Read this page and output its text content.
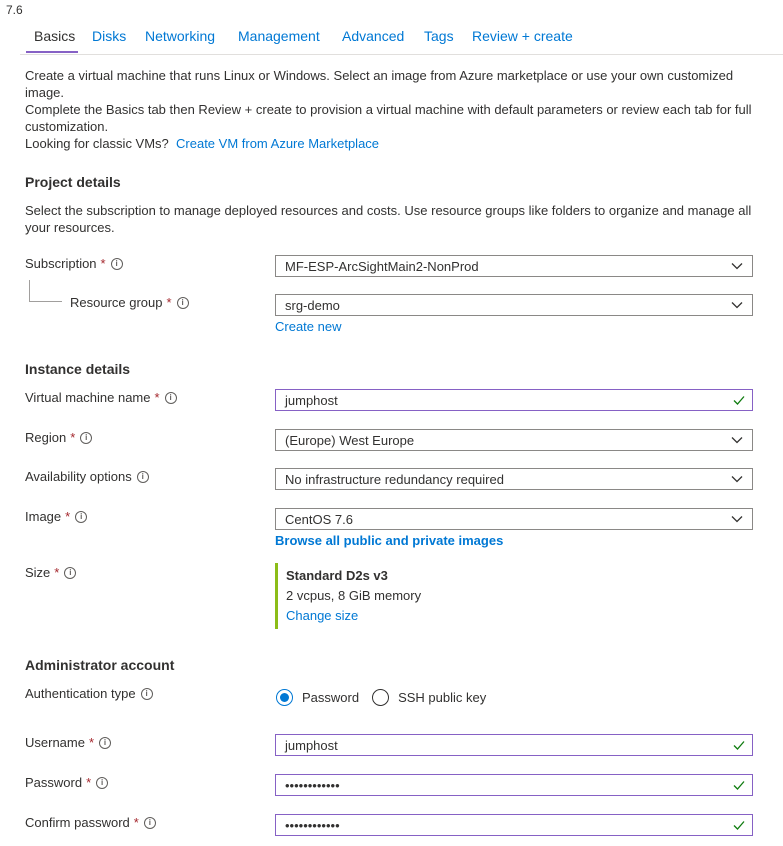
7.6
Basics Disks Networking Management Advanced Tags Review + create
Create a virtual machine that runs Linux or Windows. Select an image from Azure marketplace or use your own customized image.
Complete the Basics tab then Review + create to provision a virtual machine with default parameters or review each tab for full customization.
Looking for classic VMs? Create VM from Azure Marketplace
Project details
Select the subscription to manage deployed resources and costs. Use resource groups like folders to organize and manage all your resources.
Subscription *	i	MF-ESP-ArcSightMain2-NonProd
Resource group *	i	srg-demo
Create new
Instance details
Virtual machine name *	i	jumphost
Region *	i	(Europe) West Europe
Availability options	i	No infrastructure redundancy required
Image *	i	CentOS 7.6
Browse all public and private images
Size *	i	Standard D2s v3
2 vcpus, 8 GiB memory
Change size
Administrator account
Authentication type	i	Password	SSH public key
Username *	i	jumphost
Password *	i	••••••••••••
Confirm password *	i	••••••••••••
